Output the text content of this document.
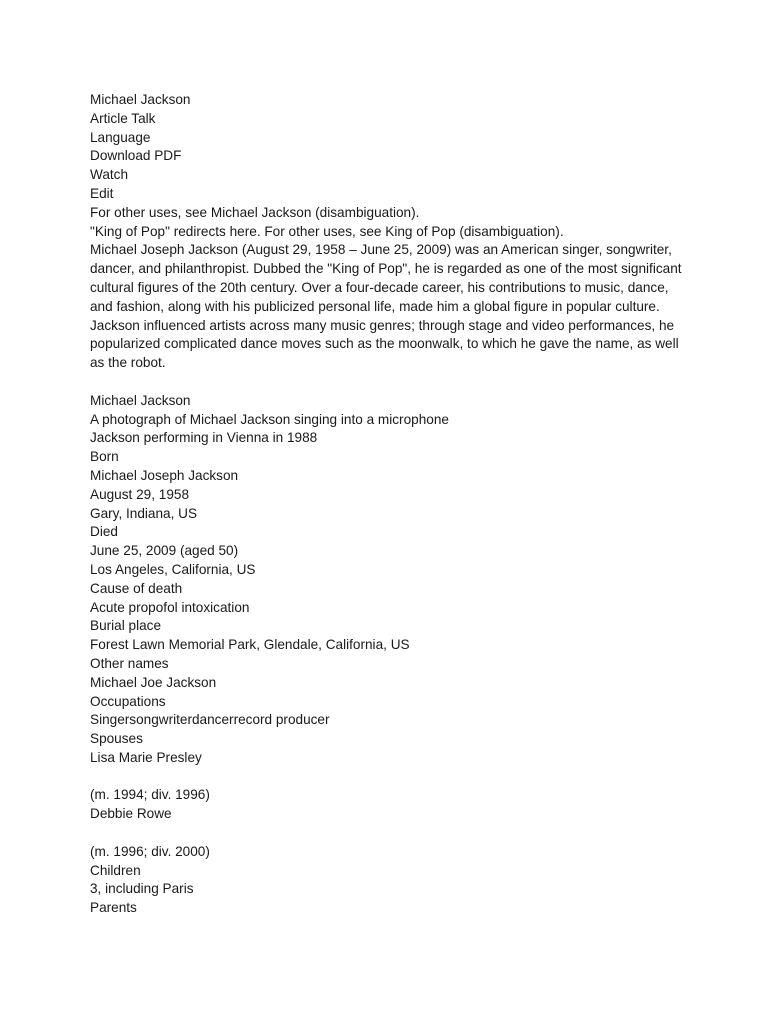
Michael Jackson
Article Talk
Language
Download PDF
Watch
Edit
For other uses, see Michael Jackson (disambiguation).
"King of Pop" redirects here. For other uses, see King of Pop (disambiguation).
Michael Joseph Jackson (August 29, 1958 – June 25, 2009) was an American singer, songwriter, dancer, and philanthropist. Dubbed the "King of Pop", he is regarded as one of the most significant cultural figures of the 20th century. Over a four-decade career, his contributions to music, dance, and fashion, along with his publicized personal life, made him a global figure in popular culture. Jackson influenced artists across many music genres; through stage and video performances, he popularized complicated dance moves such as the moonwalk, to which he gave the name, as well as the robot.
Michael Jackson
A photograph of Michael Jackson singing into a microphone
Jackson performing in Vienna in 1988
Born
Michael Joseph Jackson
August 29, 1958
Gary, Indiana, US
Died
June 25, 2009 (aged 50)
Los Angeles, California, US
Cause of death
Acute propofol intoxication
Burial place
Forest Lawn Memorial Park, Glendale, California, US
Other names
Michael Joe Jackson
Occupations
Singersongwriterdancerrecord producer
Spouses
Lisa Marie Presley
(m. 1994; div. 1996)
Debbie Rowe
(m. 1996; div. 2000)
Children
3, including Paris
Parents
